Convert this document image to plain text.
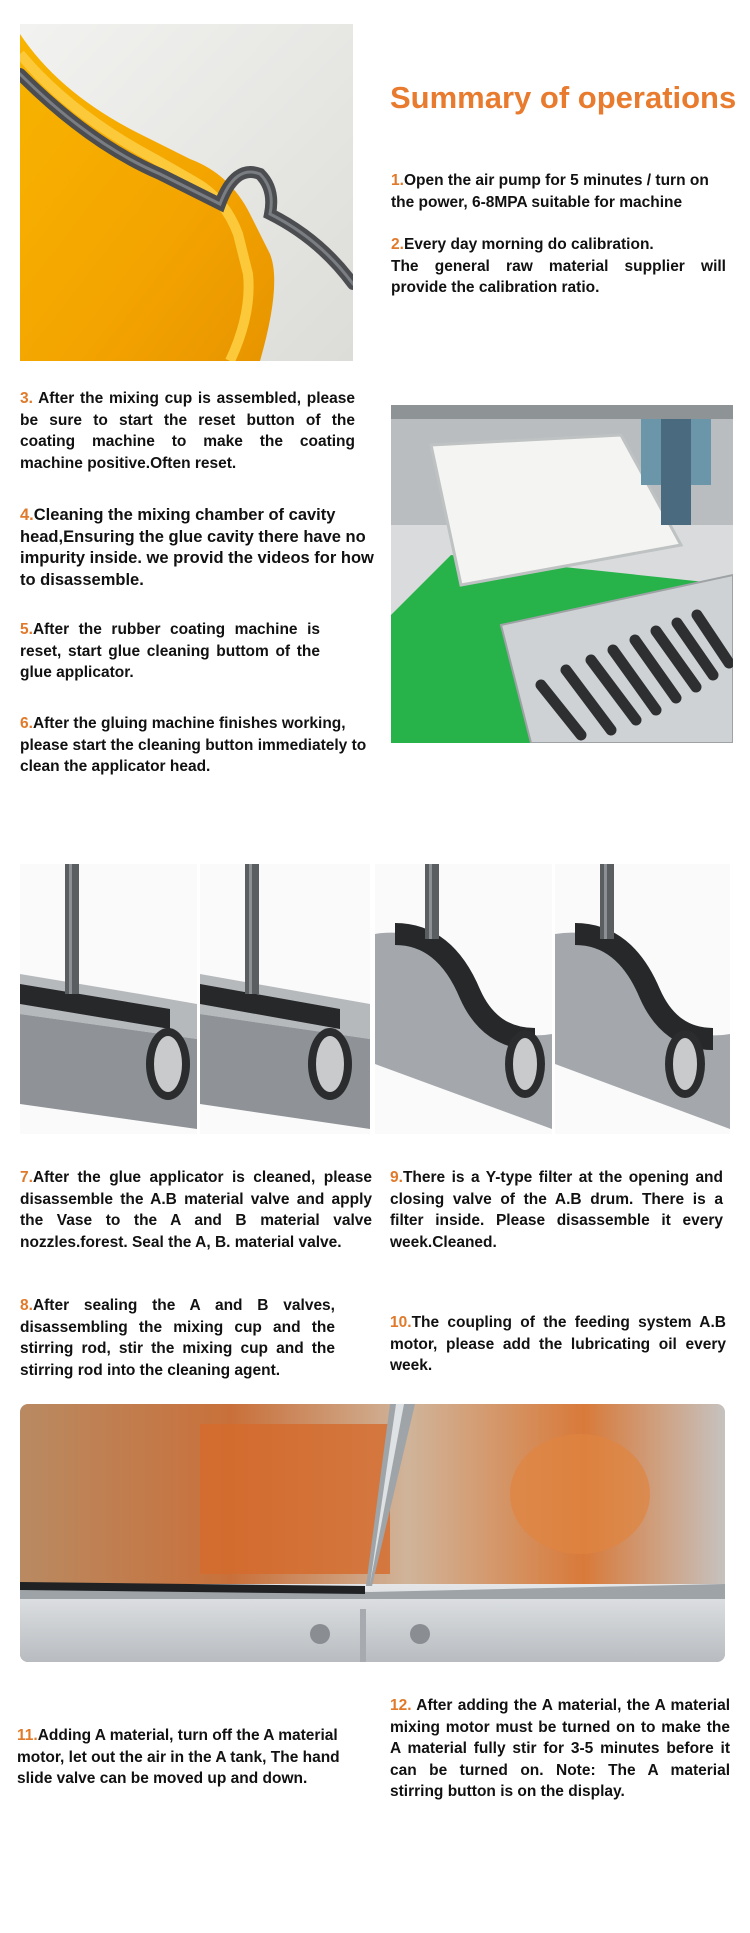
Summary of operations
1.Open the air pump for 5 minutes / turn on the power, 6-8MPA suitable for machine
2.Every day morning do calibration.
The general raw material supplier will provide the calibration ratio.
3. After the mixing cup is assembled, please be sure to start the reset button of the coating machine to make the coating machine positive.Often reset.
4.Cleaning the mixing chamber of cavity head,Ensuring the glue cavity there have no impurity inside. we provid the videos for how to disassemble.
5.After the rubber coating machine is reset, start glue cleaning buttom of the glue applicator.
6.After the gluing machine finishes working, please start the cleaning button immediately to clean the applicator head.
7.After the glue applicator is cleaned, please disassemble the A.B material valve and apply the Vase to the A and B material valve nozzles.forest. Seal the A, B. material valve.
9.There is a Y-type filter at the opening and closing valve of the A.B drum. There is a filter inside. Please disassemble it every week.Cleaned.
8.After sealing the A and B valves, disassembling the mixing cup and the stirring rod, stir the mixing cup and the stirring rod into the cleaning agent.
10.The coupling of the feeding system A.B motor, please add the lubricating oil every week.
11.Adding A material, turn off the A material motor, let out the air in the A tank, The hand slide valve can be moved up and down.
12. After adding the A material, the A material mixing motor must be turned on to make the A material fully stir for 3-5 minutes before it can be turned on. Note: The A material stirring button is on the display.
